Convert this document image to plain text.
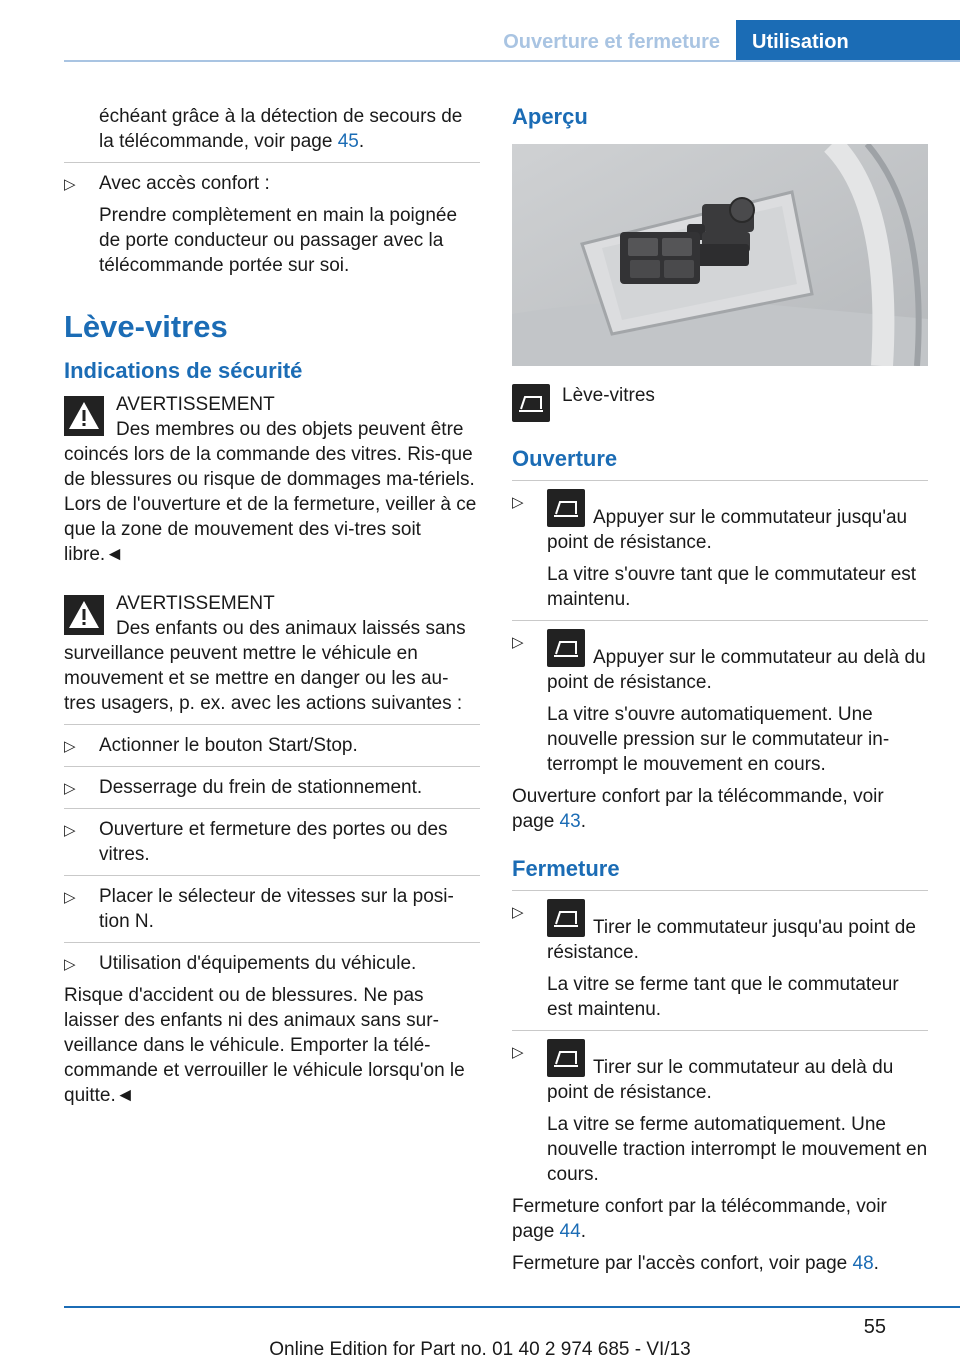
Ouverture et fermeture	Utilisation

échéant grâce à la détection de secours de la télécommande, voir page 45.

▷ Avec accès confort :

Prendre complètement en main la poignée de porte conducteur ou passager avec la télécommande portée sur soi.

Lève-vitres
Indications de sécurité
AVERTISSEMENT
Des membres ou des objets peuvent être
coincés lors de la commande des vitres. Ris-que de blessures ou risque de dommages ma-tériels. Lors de l'ouverture et de la fermeture, veiller à ce que la zone de mouvement des vi-tres soit libre.◄
AVERTISSEMENT
Des enfants ou des animaux laissés sans
surveillance peuvent mettre le véhicule en mouvement et se mettre en danger ou les au-tres usagers, p. ex. avec les actions suivantes :
▷ Actionner le bouton Start/Stop.
▷ Desserrage du frein de stationnement.
▷ Ouverture et fermeture des portes ou des vitres.
▷ Placer le sélecteur de vitesses sur la posi-tion N.
▷ Utilisation d'équipements du véhicule.

Risque d'accident ou de blessures. Ne pas laisser des enfants ni des animaux sans sur-veillance dans le véhicule. Emporter la télé-commande et verrouiller le véhicule lorsqu'on le quitte.◄

Aperçu
Lève-vitres
Ouverture
▷
Appuyer sur le commutateur jusqu'au point de résistance.

La vitre s'ouvre tant que le commutateur est maintenu.

▷
Appuyer sur le commutateur au delà du point de résistance.

La vitre s'ouvre automatiquement. Une nouvelle pression sur le commutateur in-terrompt le mouvement en cours.

Ouverture confort par la télécommande, voir page 43.

Fermeture
▷
Tirer le commutateur jusqu'au point de résistance.

La vitre se ferme tant que le commutateur est maintenu.

▷
Tirer sur le commutateur au delà du point de résistance.

La vitre se ferme automatiquement. Une nouvelle traction interrompt le mouvement en cours.

Fermeture confort par la télécommande, voir page 44.

Fermeture par l'accès confort, voir page 48.

55
Online Edition for Part no. 01 40 2 974 685 - VI/13
